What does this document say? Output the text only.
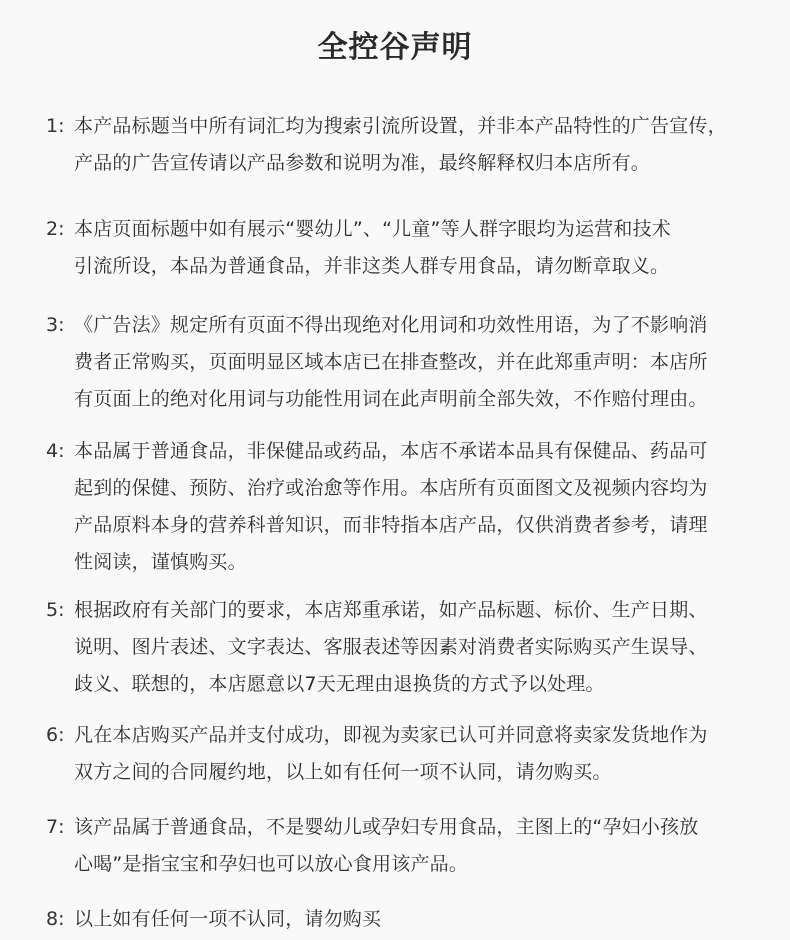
全控谷声明
1: 本产品标题当中所有词汇均为搜索引流所设置，并非本产品特性的广告宣传，
产品的广告宣传请以产品参数和说明为准，最终解释权归本店所有。
2: 本店页面标题中如有展示“婴幼儿”、“儿童”等人群字眼均为运营和技术
引流所设，本品为普通食品，并非这类人群专用食品，请勿断章取义。
3: 《广告法》规定所有页面不得出现绝对化用词和功效性用语，为了不影响消
费者正常购买，页面明显区域本店已在排查整改，并在此郑重声明：本店所
有页面上的绝对化用词与功能性用词在此声明前全部失效，不作赔付理由。
4: 本品属于普通食品，非保健品或药品，本店不承诺本品具有保健品、药品可
起到的保健、预防、治疗或治愈等作用。本店所有页面图文及视频内容均为
产品原料本身的营养科普知识，而非特指本店产品，仅供消费者参考，请理
性阅读，谨慎购买。
5: 根据政府有关部门的要求，本店郑重承诺，如产品标题、标价、生产日期、
说明、图片表述、文字表达、客服表述等因素对消费者实际购买产生误导、
歧义、联想的，本店愿意以7天无理由退换货的方式予以处理。
6: 凡在本店购买产品并支付成功，即视为卖家已认可并同意将卖家发货地作为
双方之间的合同履约地，以上如有任何一项不认同，请勿购买。
7: 该产品属于普通食品，不是婴幼儿或孕妇专用食品，主图上的“孕妇小孩放
心喝”是指宝宝和孕妇也可以放心食用该产品。
8: 以上如有任何一项不认同，请勿购买
